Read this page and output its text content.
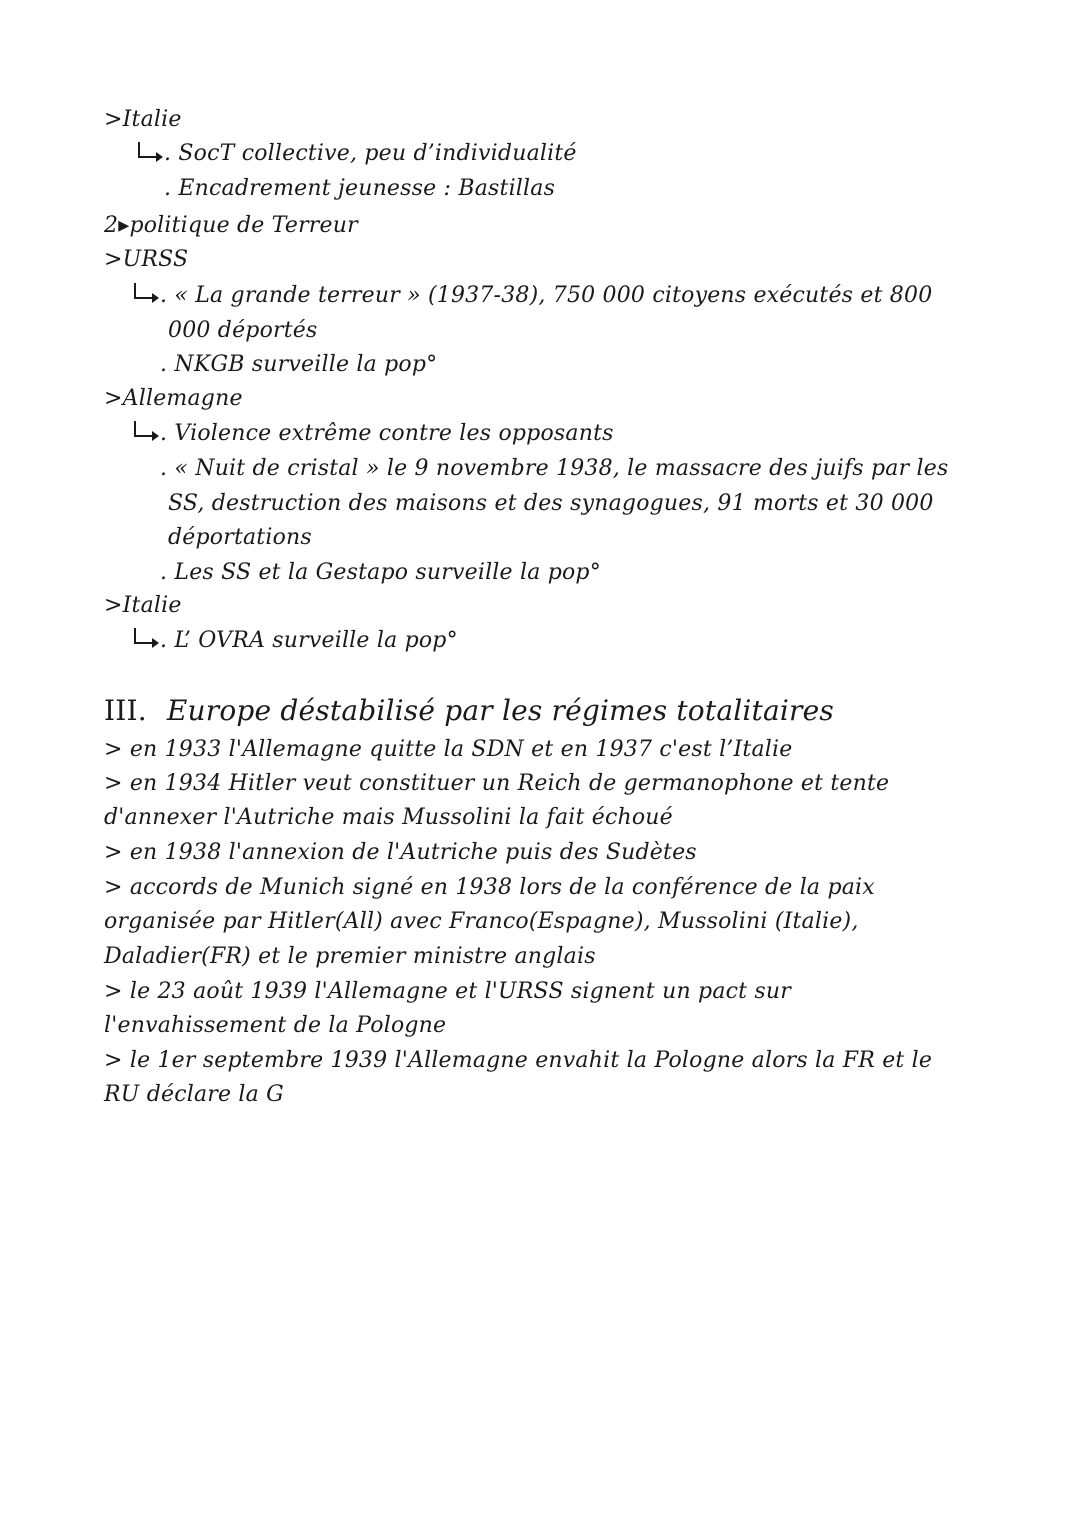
>Italie
. SocT collective, peu d’individualité
. Encadrement jeunesse : Bastillas
2▸politique de Terreur
>URSS
. « La grande terreur » (1937-38), 750 000 citoyens exécutés et 800
000 déportés
. NKGB surveille la pop°
>Allemagne
. Violence extrême contre les opposants
. « Nuit de cristal » le 9 novembre 1938, le massacre des juifs par les
SS, destruction des maisons et des synagogues, 91 morts et 30 000
déportations
. Les SS et la Gestapo surveille la pop°
>Italie
. L’ OVRA surveille la pop°
III. Europe déstabilisé par les régimes totalitaires
> en 1933 l'Allemagne quitte la SDN et en 1937 c'est l’Italie
> en 1934 Hitler veut constituer un Reich de germanophone et tente
d'annexer l'Autriche mais Mussolini la fait échoué
> en 1938 l'annexion de l'Autriche puis des Sudètes
> accords de Munich signé en 1938 lors de la conférence de la paix
organisée par Hitler(All) avec Franco(Espagne), Mussolini (Italie),
Daladier(FR) et le premier ministre anglais
> le 23 août 1939 l'Allemagne et l'URSS signent un pact sur
l'envahissement de la Pologne
> le 1er septembre 1939 l'Allemagne envahit la Pologne alors la FR et le
RU déclare la G
